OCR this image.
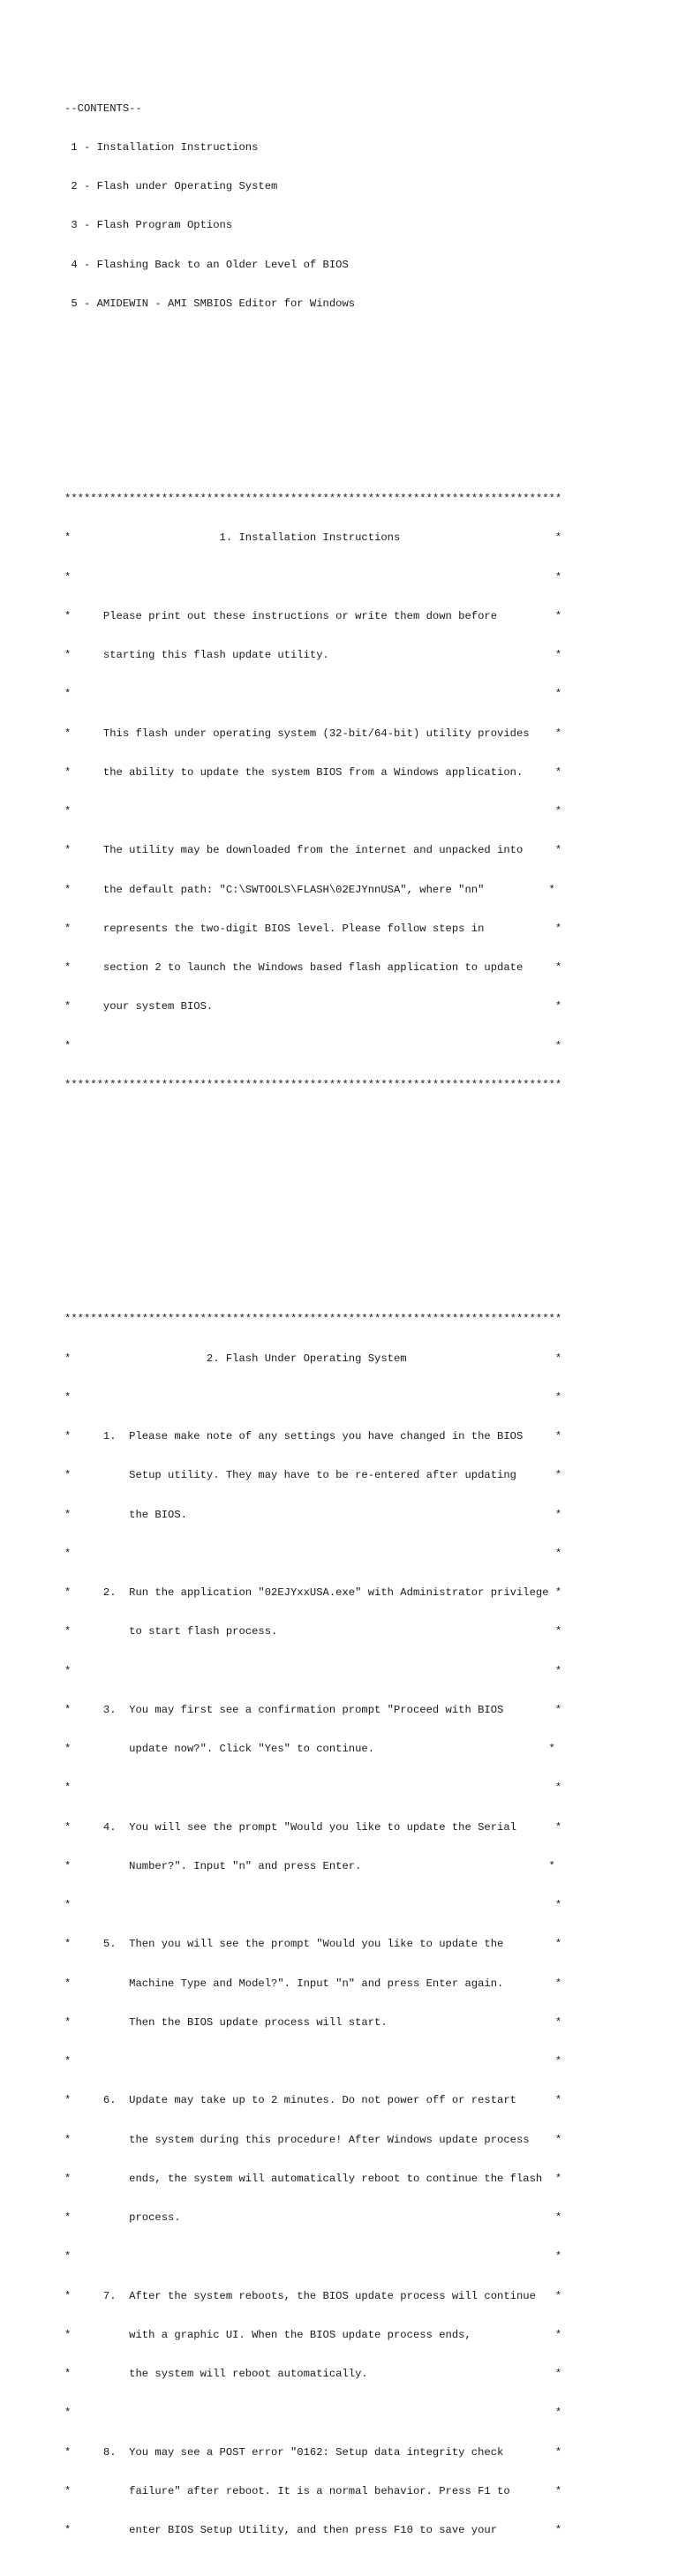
--CONTENTS--

1 - Installation Instructions

2 - Flash under Operating System

3 - Flash Program Options

4 - Flashing Back to an Older Level of BIOS

5 - AMIDEWIN - AMI SMBIOS Editor for Windows

*****************************************************************************

*                       1. Installation Instructions                        *

*                                                                           *

*     Please print out these instructions or write them down before         *

*     starting this flash update utility.                                   *

*                                                                           *

*     This flash under operating system (32-bit/64-bit) utility provides    *

*     the ability to update the system BIOS from a Windows application.     *

*                                                                           *

*     The utility may be downloaded from the internet and unpacked into     *

*     the default path: "C:\SWTOOLS\FLASH\02EJYnnUSA", where "nn"          *

*     represents the two-digit BIOS level. Please follow steps in           *

*     section 2 to launch the Windows based flash application to update     *

*     your system BIOS.                                                     *

*                                                                           *

*****************************************************************************

*****************************************************************************

*                     2. Flash Under Operating System                       *

*                                                                           *

*     1.  Please make note of any settings you have changed in the BIOS     *

*         Setup utility. They may have to be re-entered after updating      *

*         the BIOS.                                                         *

*                                                                           *

*     2.  Run the application "02EJYxxUSA.exe" with Administrator privilege *

*         to start flash process.                                           *

*                                                                           *

*     3.  You may first see a confirmation prompt "Proceed with BIOS        *

*         update now?". Click "Yes" to continue.                           *

*                                                                           *

*     4.  You will see the prompt "Would you like to update the Serial      *

*         Number?". Input "n" and press Enter.                             *

*                                                                           *

*     5.  Then you will see the prompt "Would you like to update the        *

*         Machine Type and Model?". Input "n" and press Enter again.        *

*         Then the BIOS update process will start.                          *

*                                                                           *

*     6.  Update may take up to 2 minutes. Do not power off or restart      *

*         the system during this procedure! After Windows update process    *

*         ends, the system will automatically reboot to continue the flash  *

*         process.                                                          *

*                                                                           *

*     7.  After the system reboots, the BIOS update process will continue   *

*         with a graphic UI. When the BIOS update process ends,             *

*         the system will reboot automatically.                             *

*                                                                           *

*     8.  You may see a POST error "0162: Setup data integrity check        *

*         failure" after reboot. It is a normal behavior. Press F1 to       *

*         enter BIOS Setup Utility, and then press F10 to save your         *
